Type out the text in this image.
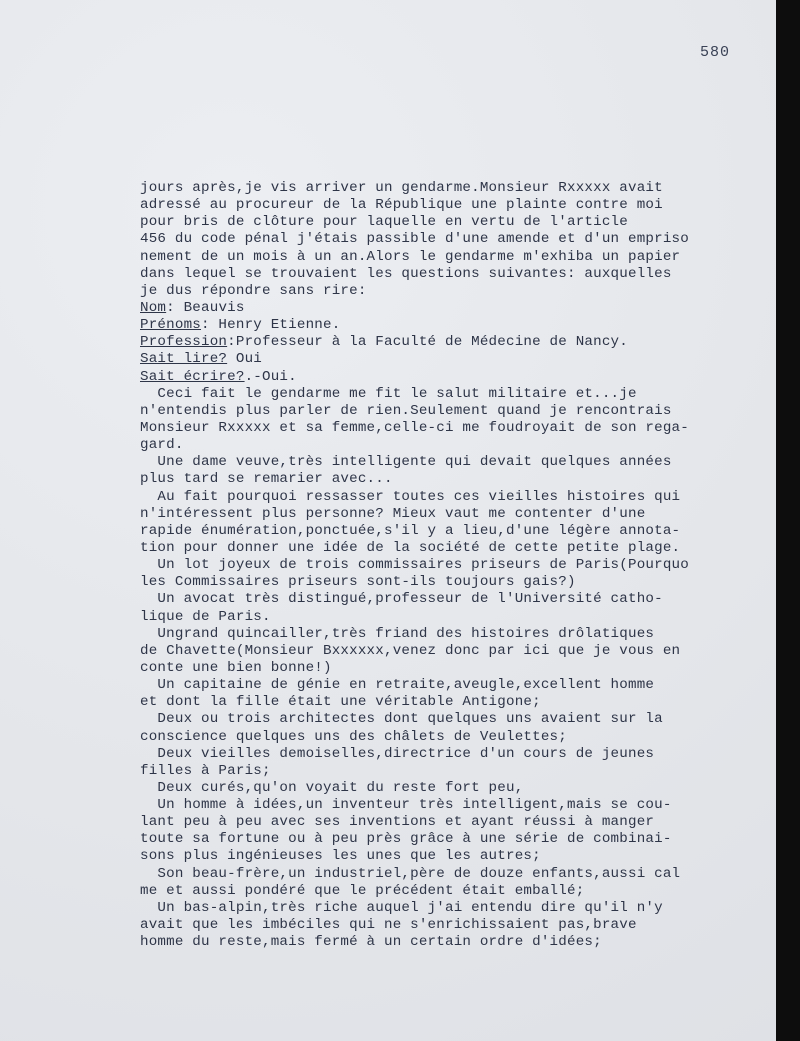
580
jours après,je vis arriver un gendarme.Monsieur Rxxxxx avait
adressé au procureur de la République une plainte contre moi
pour bris de clôture pour laquelle en vertu de l'article
456 du code pénal j'étais passible d'une amende et d'un empriso
nement de un mois à un an.Alors le gendarme m'exhiba un papier
dans lequel se trouvaient les questions suivantes: auxquelles
je dus répondre sans rire:
Nom: Beauvis
Prénoms: Henry Etienne.
Profession:Professeur à la Faculté de Médecine de Nancy.
Sait lire? Oui
Sait écrire?.-Oui.
Ceci fait le gendarme me fit le salut militaire et...je
n'entendis plus parler de rien.Seulement quand je rencontrais
Monsieur Rxxxxx et sa femme,celle-ci me foudroyait de son rega-
gard.
Une dame veuve,très intelligente qui devait quelques années
plus tard se remarier avec...
Au fait pourquoi ressasser toutes ces vieilles histoires qui
n'intéressent plus personne? Mieux vaut me contenter d'une
rapide énumération,ponctuée,s'il y a lieu,d'une légère annota-
tion pour donner une idée de la société de cette petite plage.
Un lot joyeux de trois commissaires priseurs de Paris(Pourquo
les Commissaires priseurs sont-ils toujours gais?)
Un avocat très distingué,professeur de l'Université catho-
lique de Paris.
Ungrand quincailler,très friand des histoires drôlatiques
de Chavette(Monsieur Bxxxxxx,venez donc par ici que je vous en
conte une bien bonne!)
Un capitaine de génie en retraite,aveugle,excellent homme
et dont la fille était une véritable Antigone;
Deux ou trois architectes dont quelques uns avaient sur la
conscience quelques uns des châlets de Veulettes;
Deux vieilles demoiselles,directrice d'un cours de jeunes
filles à Paris;
Deux curés,qu'on voyait du reste fort peu,
Un homme à idées,un inventeur très intelligent,mais se cou-
lant peu à peu avec ses inventions et ayant réussi à manger
toute sa fortune ou à peu près grâce à une série de combinai-
sons plus ingénieuses les unes que les autres;
Son beau-frère,un industriel,père de douze enfants,aussi cal
me et aussi pondéré que le précédent était emballé;
Un bas-alpin,très riche auquel j'ai entendu dire qu'il n'y
avait que les imbéciles qui ne s'enrichissaient pas,brave
homme du reste,mais fermé à un certain ordre d'idées;
